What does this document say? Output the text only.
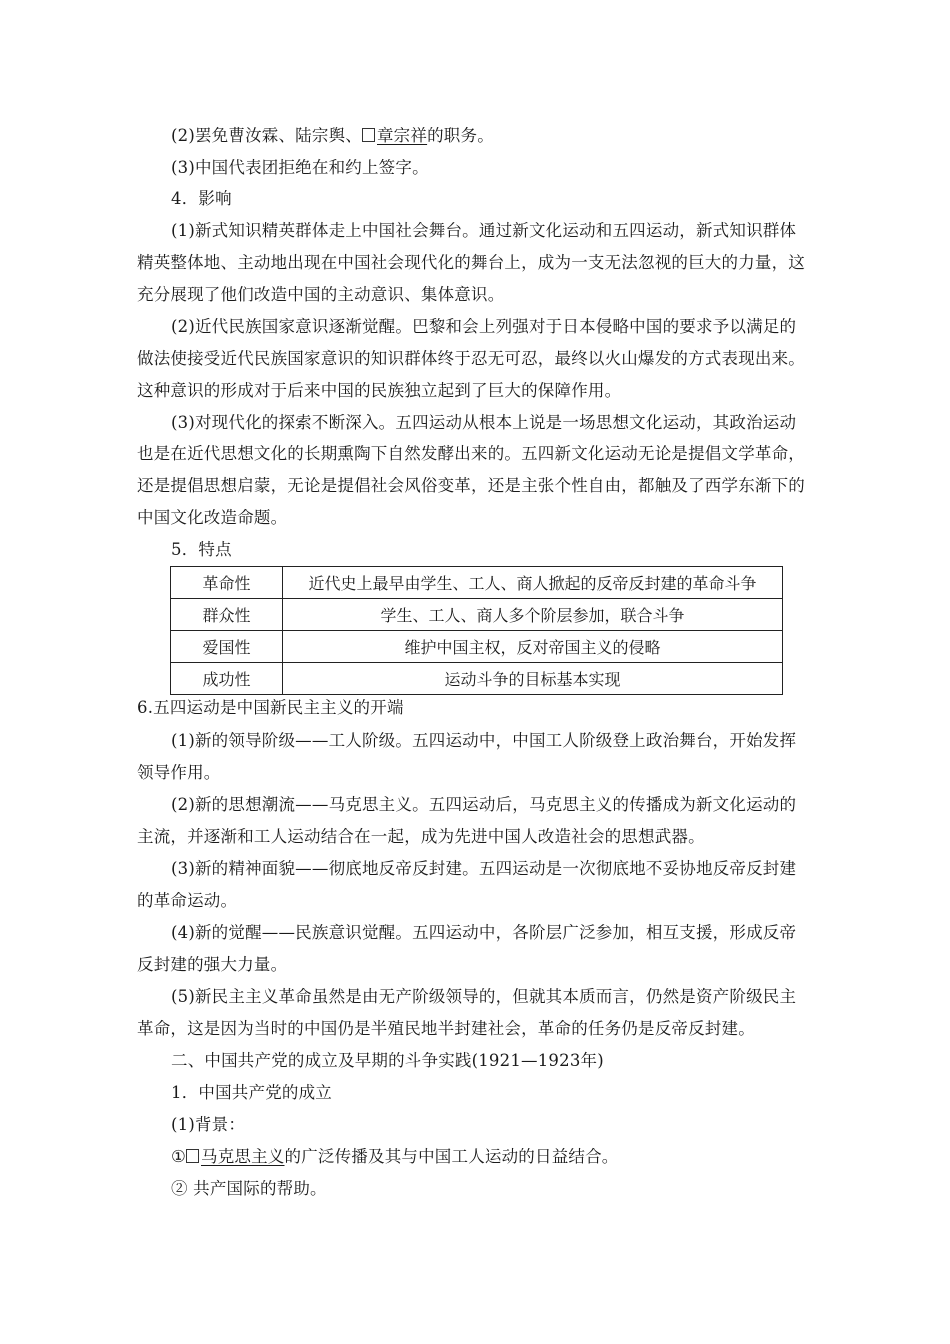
(2)罢免曹汝霖、陆宗舆、 章宗祥的职务。
(3)中国代表团拒绝在和约上签字。
4．影响
(1)新式知识精英群体走上中国社会舞台。通过新文化运动和五四运动，新式知识群体
精英整体地、主动地出现在中国社会现代化的舞台上，成为一支无法忽视的巨大的力量，这
充分展现了他们改造中国的主动意识、集体意识。
(2)近代民族国家意识逐渐觉醒。巴黎和会上列强对于日本侵略中国的要求予以满足的
做法使接受近代民族国家意识的知识群体终于忍无可忍，最终以火山爆发的方式表现出来。
这种意识的形成对于后来中国的民族独立起到了巨大的保障作用。
(3)对现代化的探索不断深入。五四运动从根本上说是一场思想文化运动，其政治运动
也是在近代思想文化的长期熏陶下自然发酵出来的。五四新文化运动无论是提倡文学革命，
还是提倡思想启蒙，无论是提倡社会风俗变革，还是主张个性自由，都触及了西学东渐下的
中国文化改造命题。
5．特点
革命性	近代史上最早由学生、工人、商人掀起的反帝反封建的革命斗争
群众性	学生、工人、商人多个阶层参加，联合斗争
爱国性	维护中国主权，反对帝国主义的侵略
成功性	运动斗争的目标基本实现
6.五四运动是中国新民主主义的开端
(1)新的领导阶级——工人阶级。五四运动中，中国工人阶级登上政治舞台，开始发挥
领导作用。
(2)新的思想潮流——马克思主义。五四运动后，马克思主义的传播成为新文化运动的
主流，并逐渐和工人运动结合在一起，成为先进中国人改造社会的思想武器。
(3)新的精神面貌——彻底地反帝反封建。五四运动是一次彻底地不妥协地反帝反封建
的革命运动。
(4)新的觉醒——民族意识觉醒。五四运动中，各阶层广泛参加，相互支援，形成反帝
反封建的强大力量。
(5)新民主主义革命虽然是由无产阶级领导的，但就其本质而言，仍然是资产阶级民主
革命，这是因为当时的中国仍是半殖民地半封建社会，革命的任务仍是反帝反封建。
二、中国共产党的成立及早期的斗争实践(1921—1923年)
1．中国共产党的成立
(1)背景：
① 马克思主义的广泛传播及其与中国工人运动的日益结合。
② 共产国际的帮助。
